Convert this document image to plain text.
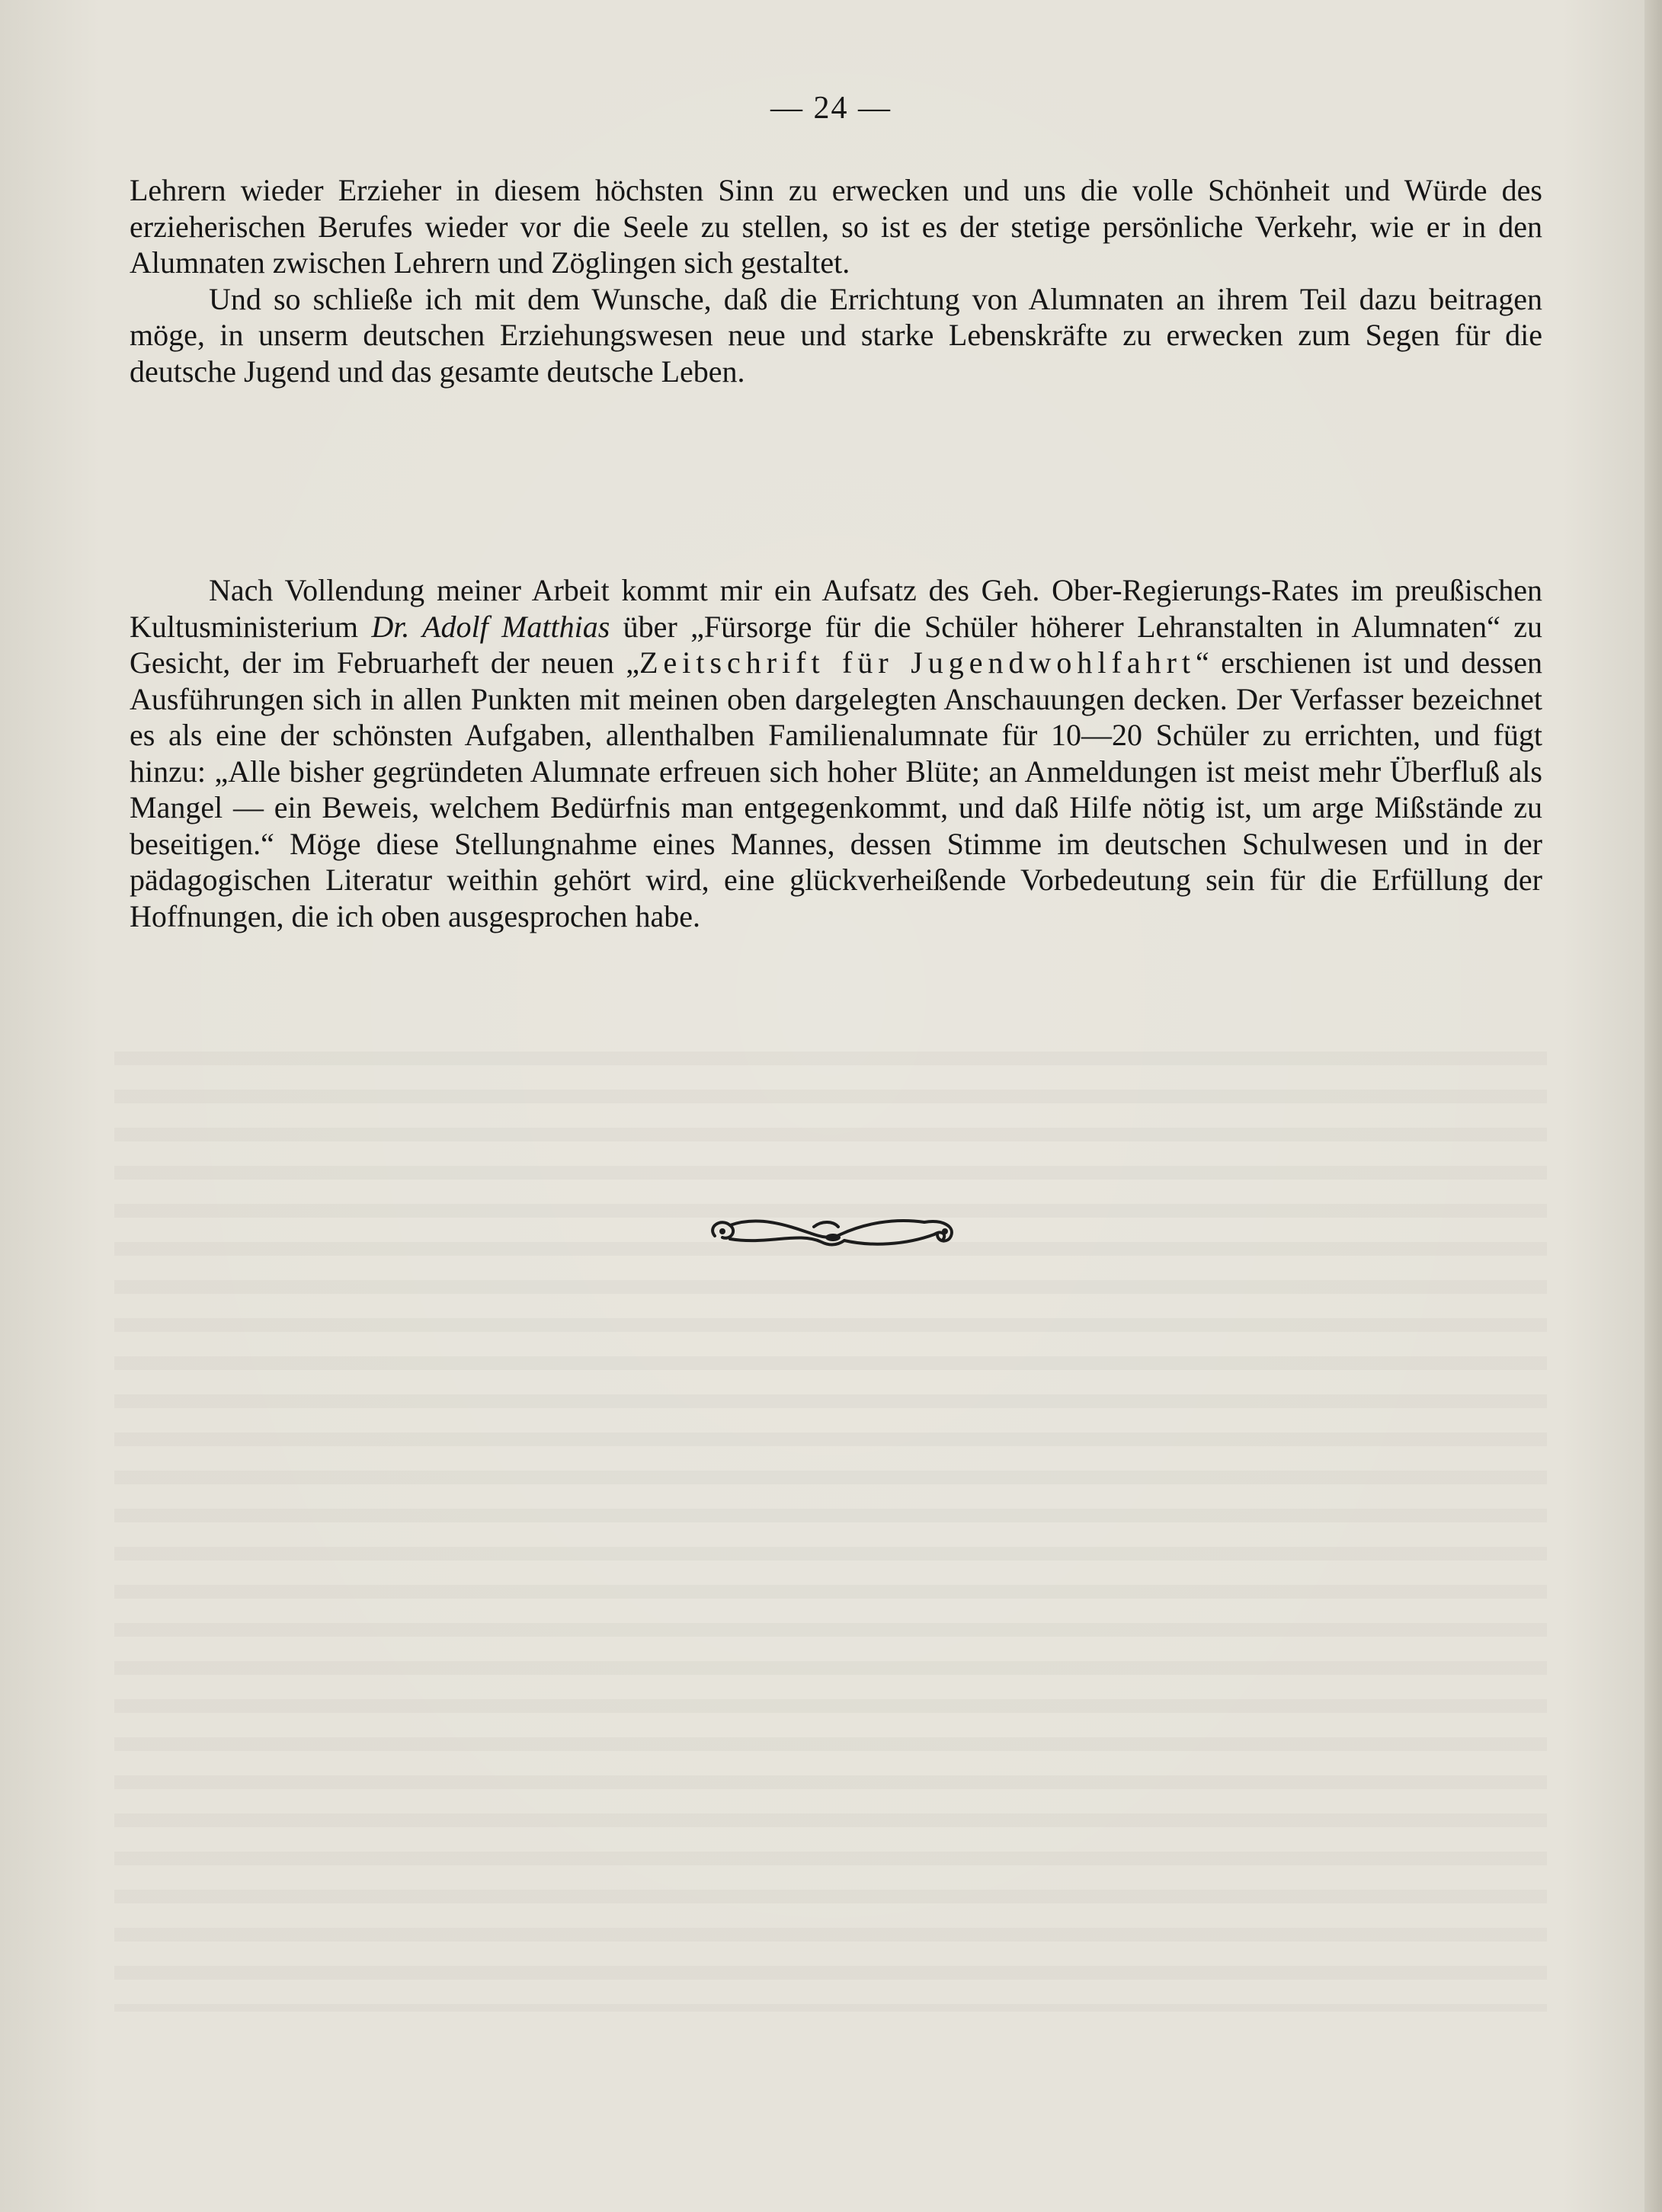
— 24 —

Lehrern wieder Erzieher in diesem höchsten Sinn zu erwecken und uns die volle Schönheit und Würde des erzieherischen Berufes wieder vor die Seele zu stellen, so ist es der stetige persönliche Verkehr, wie er in den Alumnaten zwischen Lehrern und Zöglingen sich gestaltet.

Und so schließe ich mit dem Wunsche, daß die Errichtung von Alumnaten an ihrem Teil dazu beitragen möge, in unserm deutschen Erziehungswesen neue und starke Lebenskräfte zu erwecken zum Segen für die deutsche Jugend und das gesamte deutsche Leben.

Nach Vollendung meiner Arbeit kommt mir ein Aufsatz des Geh. Ober-Regierungs-Rates im preußischen Kultusministerium Dr. Adolf Matthias über „Fürsorge für die Schüler höherer Lehranstalten in Alumnaten“ zu Gesicht, der im Februarheft der neuen „Zeitschrift für Jugendwohlfahrt“ erschienen ist und dessen Ausführungen sich in allen Punkten mit meinen oben dargelegten Anschauungen decken. Der Verfasser bezeichnet es als eine der schönsten Aufgaben, allenthalben Familienalumnate für 10—20 Schüler zu errichten, und fügt hinzu: „Alle bisher gegründeten Alumnate erfreuen sich hoher Blüte; an Anmeldungen ist meist mehr Überfluß als Mangel — ein Beweis, welchem Bedürfnis man entgegenkommt, und daß Hilfe nötig ist, um arge Mißstände zu beseitigen.“ Möge diese Stellungnahme eines Mannes, dessen Stimme im deutschen Schulwesen und in der pädagogischen Literatur weithin gehört wird, eine glückverheißende Vorbedeutung sein für die Erfüllung der Hoffnungen, die ich oben ausgesprochen habe.
